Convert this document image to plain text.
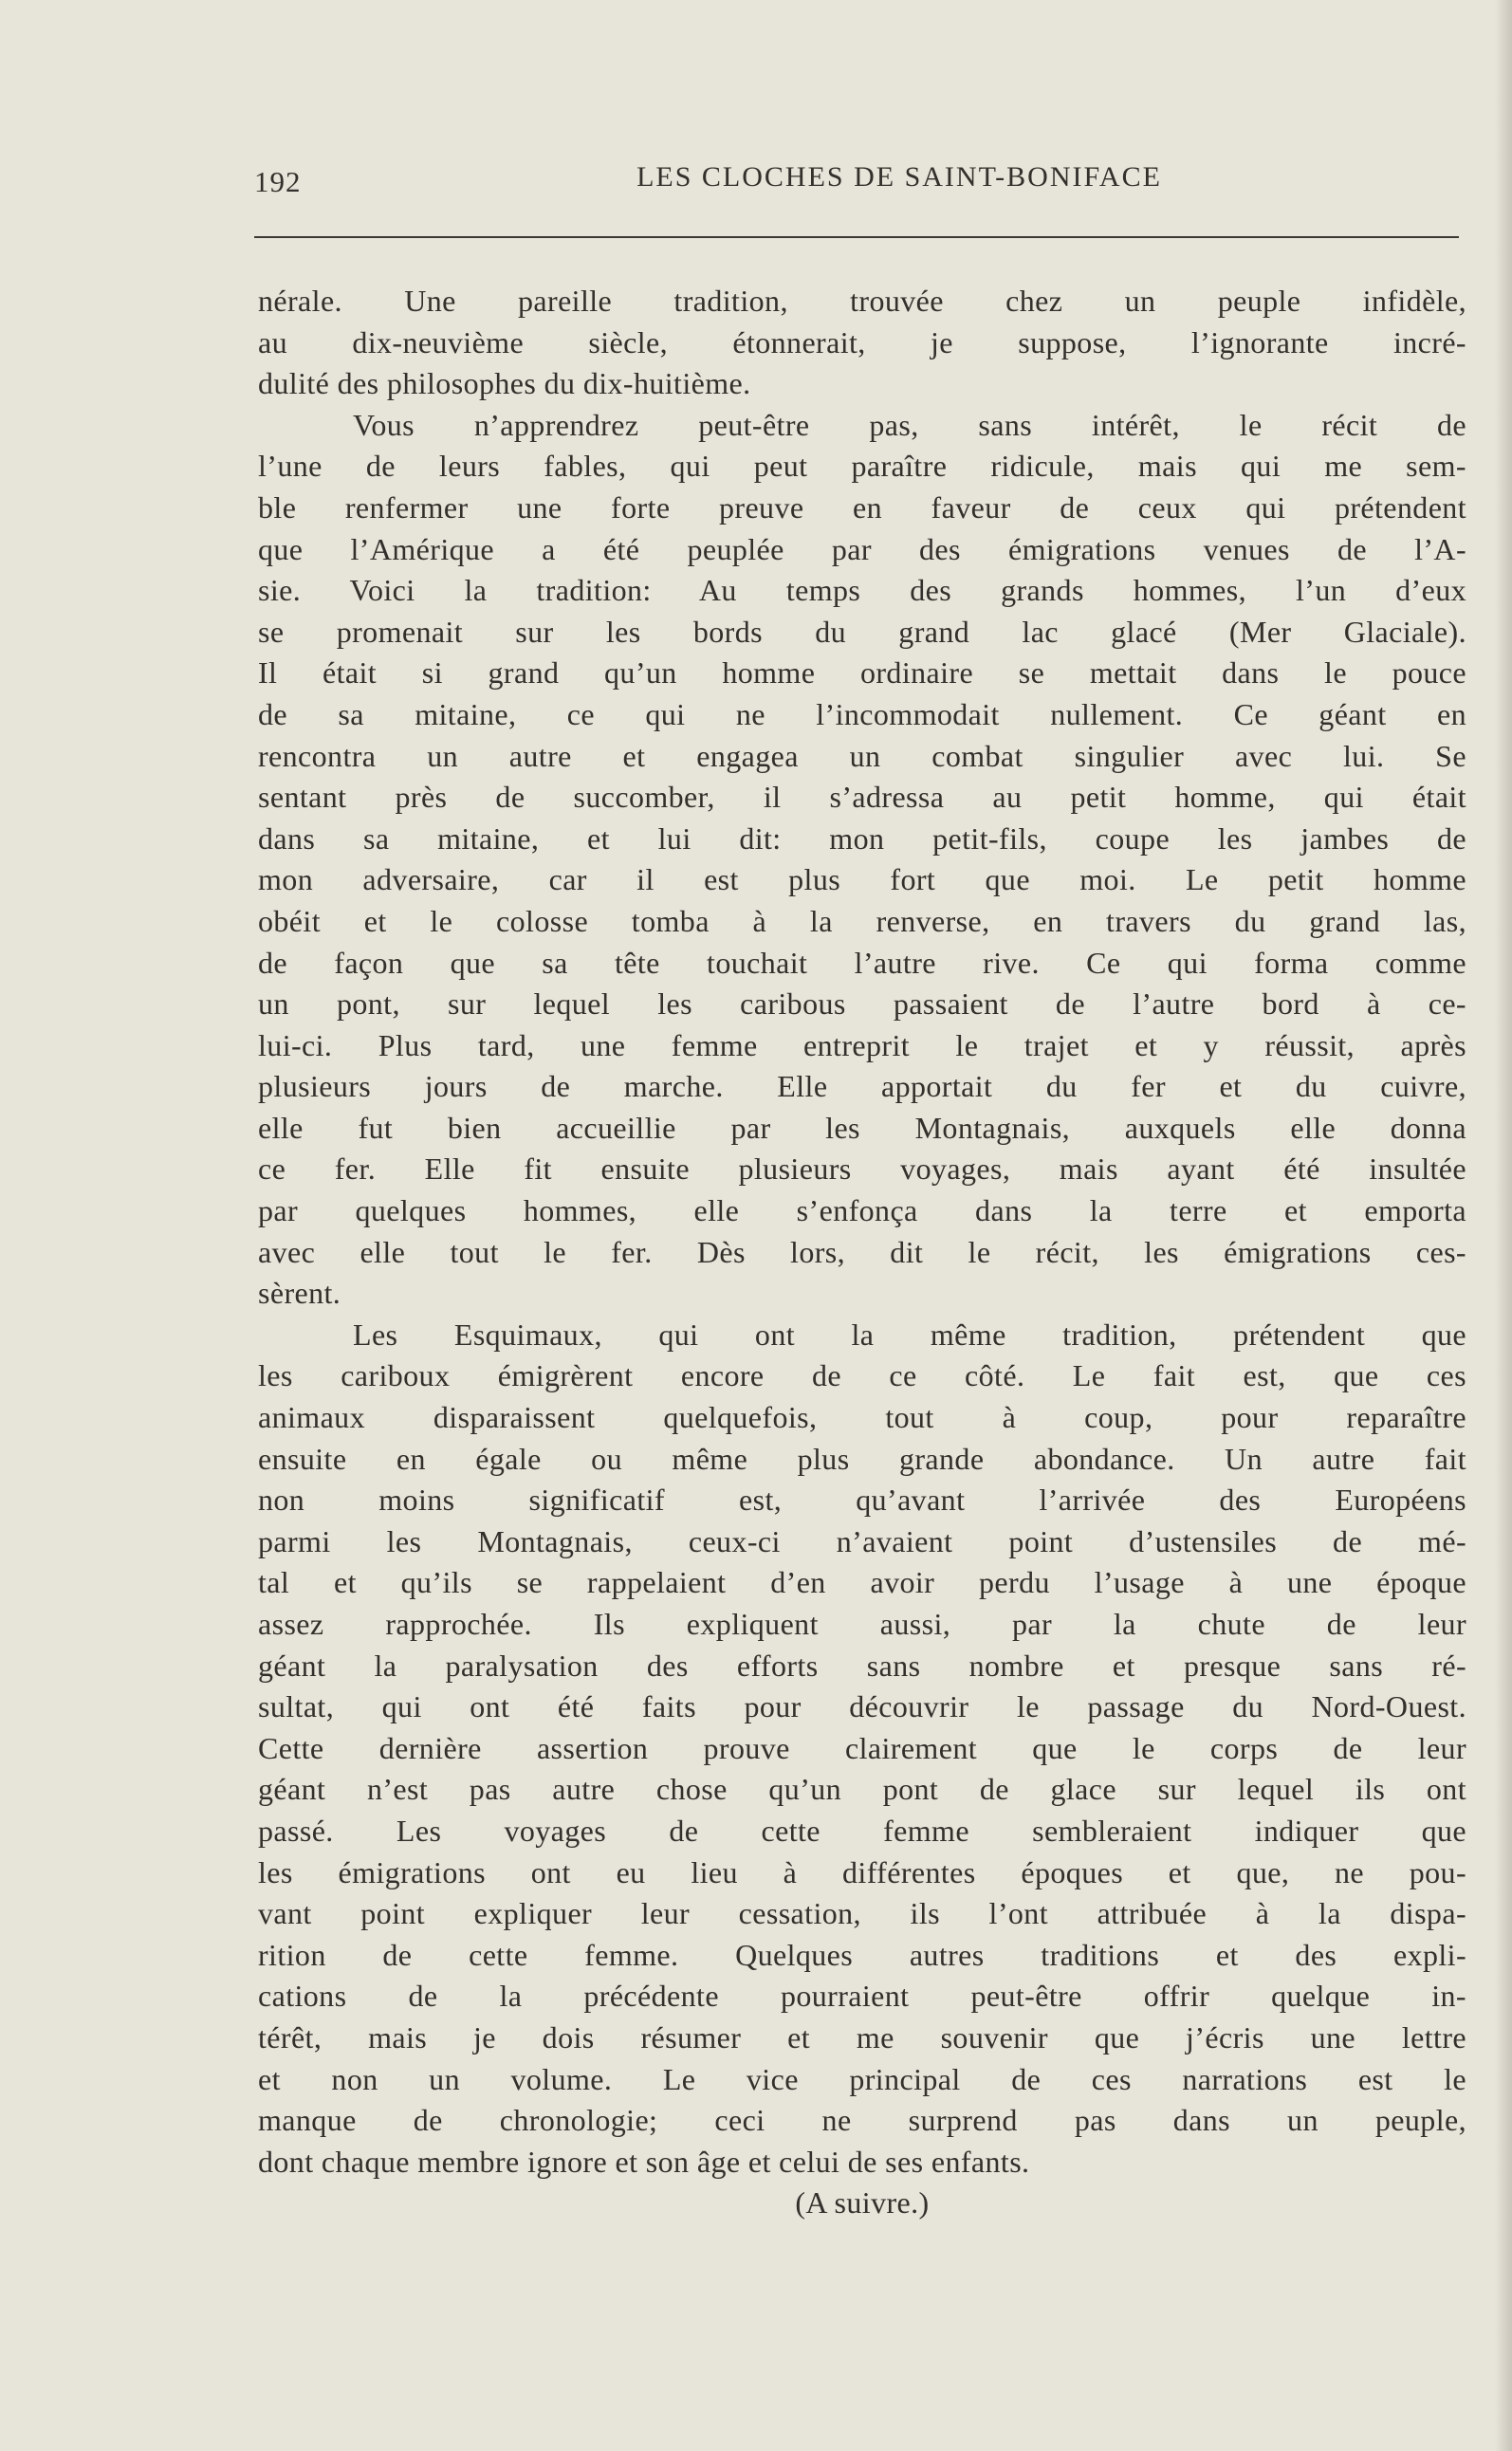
192	LES CLOCHES DE SAINT-BONIFACE
nérale. Une pareille tradition, trouvée chez un peuple infidèle,
au dix-neuvième siècle, étonnerait, je suppose, l’ignorante incré-
dulité des philosophes du dix-huitième.
Vous n’apprendrez peut-être pas, sans intérêt, le récit de
l’une de leurs fables, qui peut paraître ridicule, mais qui me sem-
ble renfermer une forte preuve en faveur de ceux qui prétendent
que l’Amérique a été peuplée par des émigrations venues de l’A-
sie. Voici la tradition: Au temps des grands hommes, l’un d’eux
se promenait sur les bords du grand lac glacé (Mer Glaciale).
Il était si grand qu’un homme ordinaire se mettait dans le pouce
de sa mitaine, ce qui ne l’incommodait nullement. Ce géant en
rencontra un autre et engagea un combat singulier avec lui. Se
sentant près de succomber, il s’adressa au petit homme, qui était
dans sa mitaine, et lui dit: mon petit-fils, coupe les jambes de
mon adversaire, car il est plus fort que moi. Le petit homme
obéit et le colosse tomba à la renverse, en travers du grand las,
de façon que sa tête touchait l’autre rive. Ce qui forma comme
un pont, sur lequel les caribous passaient de l’autre bord à ce-
lui-ci. Plus tard, une femme entreprit le trajet et y réussit, après
plusieurs jours de marche. Elle apportait du fer et du cuivre,
elle fut bien accueillie par les Montagnais, auxquels elle donna
ce fer. Elle fit ensuite plusieurs voyages, mais ayant été insultée
par quelques hommes, elle s’enfonça dans la terre et emporta
avec elle tout le fer. Dès lors, dit le récit, les émigrations ces-
sèrent.
Les Esquimaux, qui ont la même tradition, prétendent que
les cariboux émigrèrent encore de ce côté. Le fait est, que ces
animaux disparaissent quelquefois, tout à coup, pour reparaître
ensuite en égale ou même plus grande abondance. Un autre fait
non moins significatif est, qu’avant l’arrivée des Européens
parmi les Montagnais, ceux-ci n’avaient point d’ustensiles de mé-
tal et qu’ils se rappelaient d’en avoir perdu l’usage à une époque
assez rapprochée. Ils expliquent aussi, par la chute de leur
géant la paralysation des efforts sans nombre et presque sans ré-
sultat, qui ont été faits pour découvrir le passage du Nord-Ouest.
Cette dernière assertion prouve clairement que le corps de leur
géant n’est pas autre chose qu’un pont de glace sur lequel ils ont
passé. Les voyages de cette femme sembleraient indiquer que
les émigrations ont eu lieu à différentes époques et que, ne pou-
vant point expliquer leur cessation, ils l’ont attribuée à la dispa-
rition de cette femme. Quelques autres traditions et des expli-
cations de la précédente pourraient peut-être offrir quelque in-
térêt, mais je dois résumer et me souvenir que j’écris une lettre
et non un volume. Le vice principal de ces narrations est le
manque de chronologie; ceci ne surprend pas dans un peuple,
dont chaque membre ignore et son âge et celui de ses enfants.
(A suivre.)
